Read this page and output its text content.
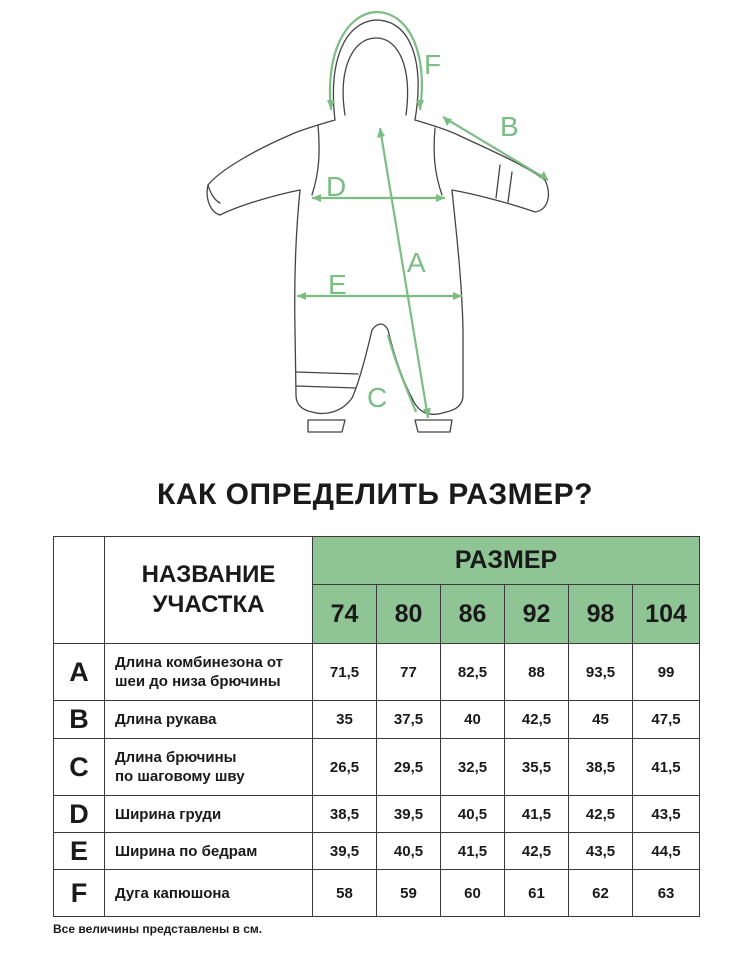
F
B
D
A
E
C
КАК ОПРЕДЕЛИТЬ РАЗМЕР?

	НАЗВАНИЕ
УЧАСТКА	РАЗМЕР					
		74	80	86	92	98	104
A	Длина комбинезона от
шеи до низа брючины	71,5	77	82,5	88	93,5	99
B	Длина рукава	35	37,5	40	42,5	45	47,5
C	Длина брючины
по шаговому шву	26,5	29,5	32,5	35,5	38,5	41,5
D	Ширина груди	38,5	39,5	40,5	41,5	42,5	43,5
E	Ширина по бедрам	39,5	40,5	41,5	42,5	43,5	44,5
F	Дуга капюшона	58	59	60	61	62	63
Все величины представлены в см.
